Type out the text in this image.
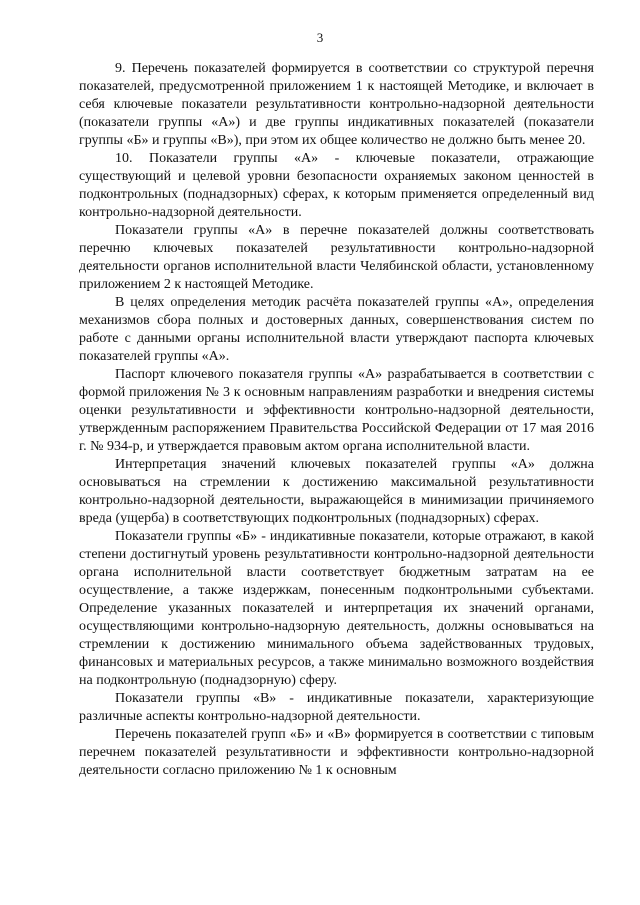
3

9. Перечень показателей формируется в соответствии со структурой перечня показателей, предусмотренной приложением 1 к настоящей Методике, и включает в себя ключевые показатели результативности контрольно-надзорной деятельности (показатели группы «А») и две группы индикативных показателей (показатели группы «Б» и группы «В»), при этом их общее количество не должно быть менее 20.

10. Показатели группы «А» - ключевые показатели, отражающие существующий и целевой уровни безопасности охраняемых законом ценностей в подконтрольных (поднадзорных) сферах, к которым применяется определенный вид контрольно-надзорной деятельности.

Показатели группы «А» в перечне показателей должны соответствовать перечню ключевых показателей результативности контрольно-надзорной деятельности органов исполнительной власти Челябинской области, установленному приложением 2 к настоящей Методике.

В целях определения методик расчёта показателей группы «А», определения механизмов сбора полных и достоверных данных, совершенствования систем по работе с данными органы исполнительной власти утверждают паспорта ключевых показателей группы «А».

Паспорт ключевого показателя группы «А» разрабатывается в соответствии с формой приложения № 3 к основным направлениям разработки и внедрения системы оценки результативности и эффективности контрольно-надзорной деятельности, утвержденным распоряжением Правительства Российской Федерации от 17 мая 2016 г. № 934-р, и утверждается правовым актом органа исполнительной власти.

Интерпретация значений ключевых показателей группы «А» должна основываться на стремлении к достижению максимальной результативности контрольно-надзорной деятельности, выражающейся в минимизации причиняемого вреда (ущерба) в соответствующих подконтрольных (поднадзорных) сферах.

Показатели группы «Б» - индикативные показатели, которые отражают, в какой степени достигнутый уровень результативности контрольно-надзорной деятельности органа исполнительной власти соответствует бюджетным затратам на ее осуществление, а также издержкам, понесенным подконтрольными субъектами. Определение указанных показателей и интерпретация их значений органами, осуществляющими контрольно-надзорную деятельность, должны основываться на стремлении к достижению минимального объема задействованных трудовых, финансовых и материальных ресурсов, а также минимально возможного воздействия на подконтрольную (поднадзорную) сферу.

Показатели группы «В» - индикативные показатели, характеризующие различные аспекты контрольно-надзорной деятельности.

Перечень показателей групп «Б» и «В» формируется в соответствии с типовым перечнем показателей результативности и эффективности контрольно-надзорной деятельности согласно приложению № 1 к основным
